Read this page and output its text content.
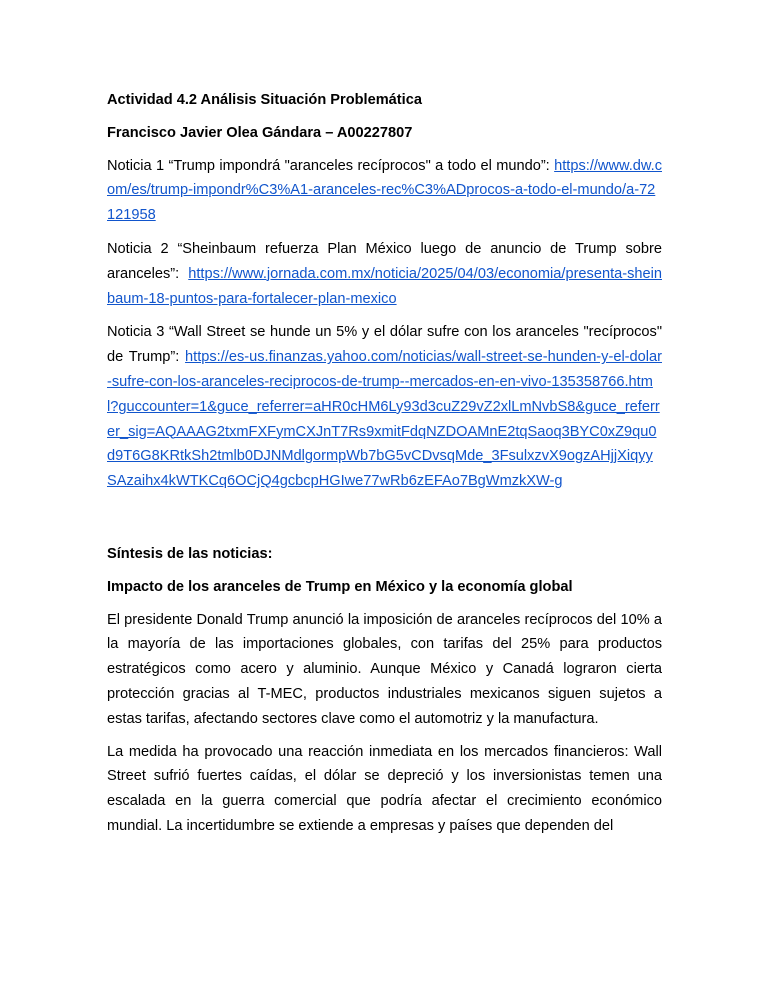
Actividad 4.2 Análisis Situación Problemática

Francisco Javier Olea Gándara – A00227807

Noticia 1 “Trump impondrá "aranceles recíprocos" a todo el mundo”: https://www.dw.com/es/trump-impondr%C3%A1-aranceles-rec%C3%ADprocos-a-todo-el-mundo/a-72121958

Noticia 2 “Sheinbaum refuerza Plan México luego de anuncio de Trump sobre aranceles”: https://www.jornada.com.mx/noticia/2025/04/03/economia/presenta-sheinbaum-18-puntos-para-fortalecer-plan-mexico

Noticia 3 “Wall Street se hunde un 5% y el dólar sufre con los aranceles "recíprocos" de Trump”: https://es-us.finanzas.yahoo.com/noticias/wall-street-se-hunden-y-el-dolar-sufre-con-los-aranceles-reciprocos-de-trump--mercados-en-en-vivo-135358766.html?guccounter=1&guce_referrer=aHR0cHM6Ly93d3cuZ29vZ2xlLmNvbS8&guce_referrer_sig=AQAAAG2txmFXFymCXJnT7Rs9xmitFdqNZDOAMnE2tqSaoq3BYC0xZ9qu0d9T6G8KRtkSh2tmlb0DJNMdlgormpWb7bG5vCDvsqMde_3FsulxzvX9ogzAHjjXiqyySAzaihx4kWTKCq6OCjQ4gcbcpHGIwe77wRb6zEFAo7BgWmzkXW-g

Síntesis de las noticias:

Impacto de los aranceles de Trump en México y la economía global

El presidente Donald Trump anunció la imposición de aranceles recíprocos del 10% a la mayoría de las importaciones globales, con tarifas del 25% para productos estratégicos como acero y aluminio. Aunque México y Canadá lograron cierta protección gracias al T-MEC, productos industriales mexicanos siguen sujetos a estas tarifas, afectando sectores clave como el automotriz y la manufactura.

La medida ha provocado una reacción inmediata en los mercados financieros: Wall Street sufrió fuertes caídas, el dólar se depreció y los inversionistas temen una escalada en la guerra comercial que podría afectar el crecimiento económico mundial. La incertidumbre se extiende a empresas y países que dependen del
